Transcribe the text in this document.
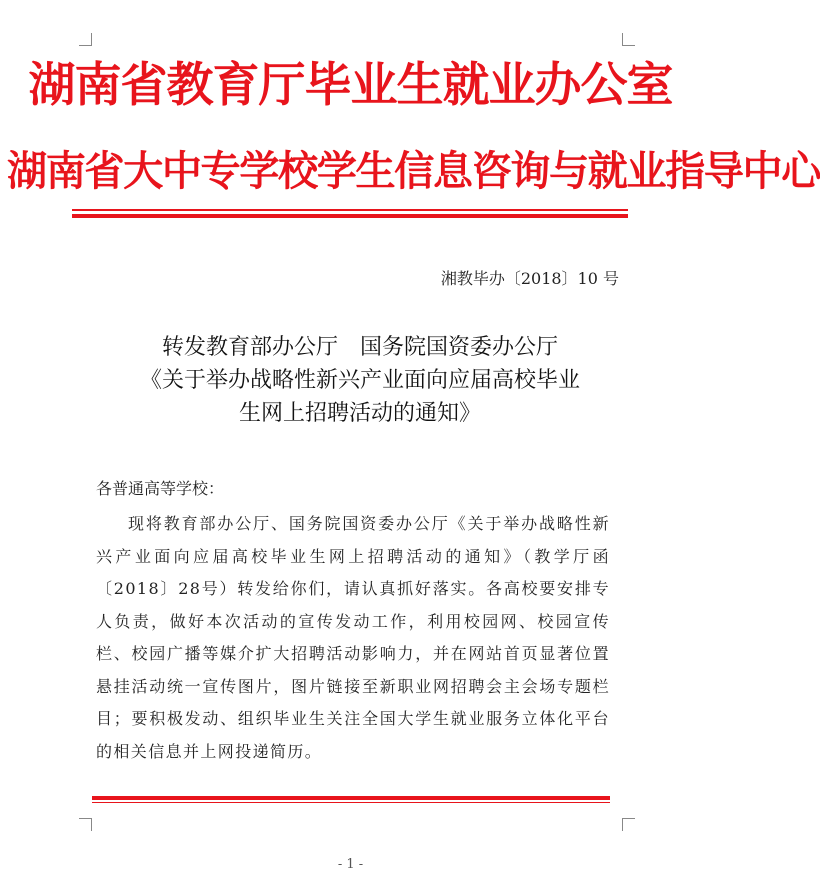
湖南省教育厅毕业生就业办公室
湖南省大中专学校学生信息咨询与就业指导中心
湘教毕办〔2018〕10 号
转发教育部办公厅　国务院国资委办公厅
《关于举办战略性新兴产业面向应届高校毕业
生网上招聘活动的通知》
各普通高等学校：
现将教育部办公厅、国务院国资委办公厅《关于举办战略性新兴产业面向应届高校毕业生网上招聘活动的通知》（教学厅函〔2018〕28号）转发给你们，请认真抓好落实。各高校要安排专人负责，做好本次活动的宣传发动工作，利用校园网、校园宣传栏、校园广播等媒介扩大招聘活动影响力，并在网站首页显著位置悬挂活动统一宣传图片，图片链接至新职业网招聘会主会场专题栏目；要积极发动、组织毕业生关注全国大学生就业服务立体化平台的相关信息并上网投递简历。
- 1 -
